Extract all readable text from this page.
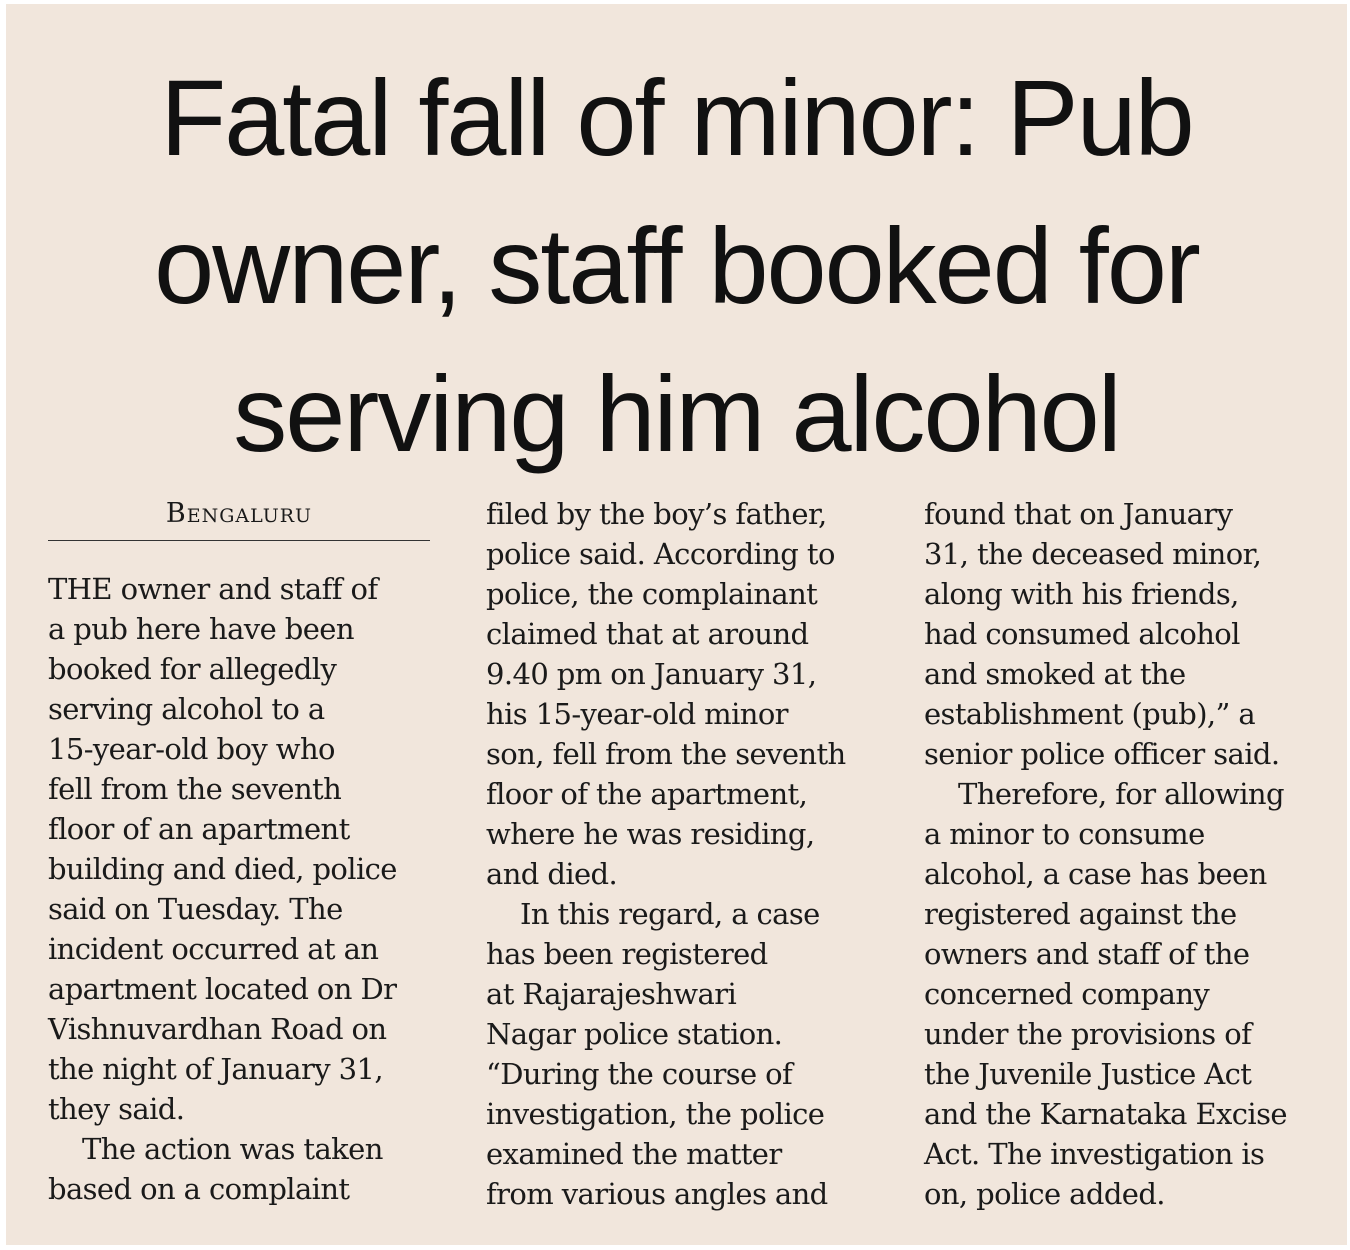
Fatal fall of minor: Pub
owner, staff booked for
serving him alcohol
Bengaluru
THE owner and staff of
a pub here have been
booked for allegedly
serving alcohol to a
15-year-old boy who
fell from the seventh
floor of an apartment
building and died, police
said on Tuesday. The
incident occurred at an
apartment located on Dr
Vishnuvardhan Road on
the night of January 31,
they said.
The action was taken
based on a complaint
filed by the boy’s father,
police said. According to
police, the complainant
claimed that at around
9.40 pm on January 31,
his 15-year-old minor
son, fell from the seventh
floor of the apartment,
where he was residing,
and died.
In this regard, a case
has been registered
at Rajarajeshwari
Nagar police station.
“During the course of
investigation, the police
examined the matter
from various angles and
found that on January
31, the deceased minor,
along with his friends,
had consumed alcohol
and smoked at the
establishment (pub),” a
senior police officer said.
Therefore, for allowing
a minor to consume
alcohol, a case has been
registered against the
owners and staff of the
concerned company
under the provisions of
the Juvenile Justice Act
and the Karnataka Excise
Act. The investigation is
on, police added.
